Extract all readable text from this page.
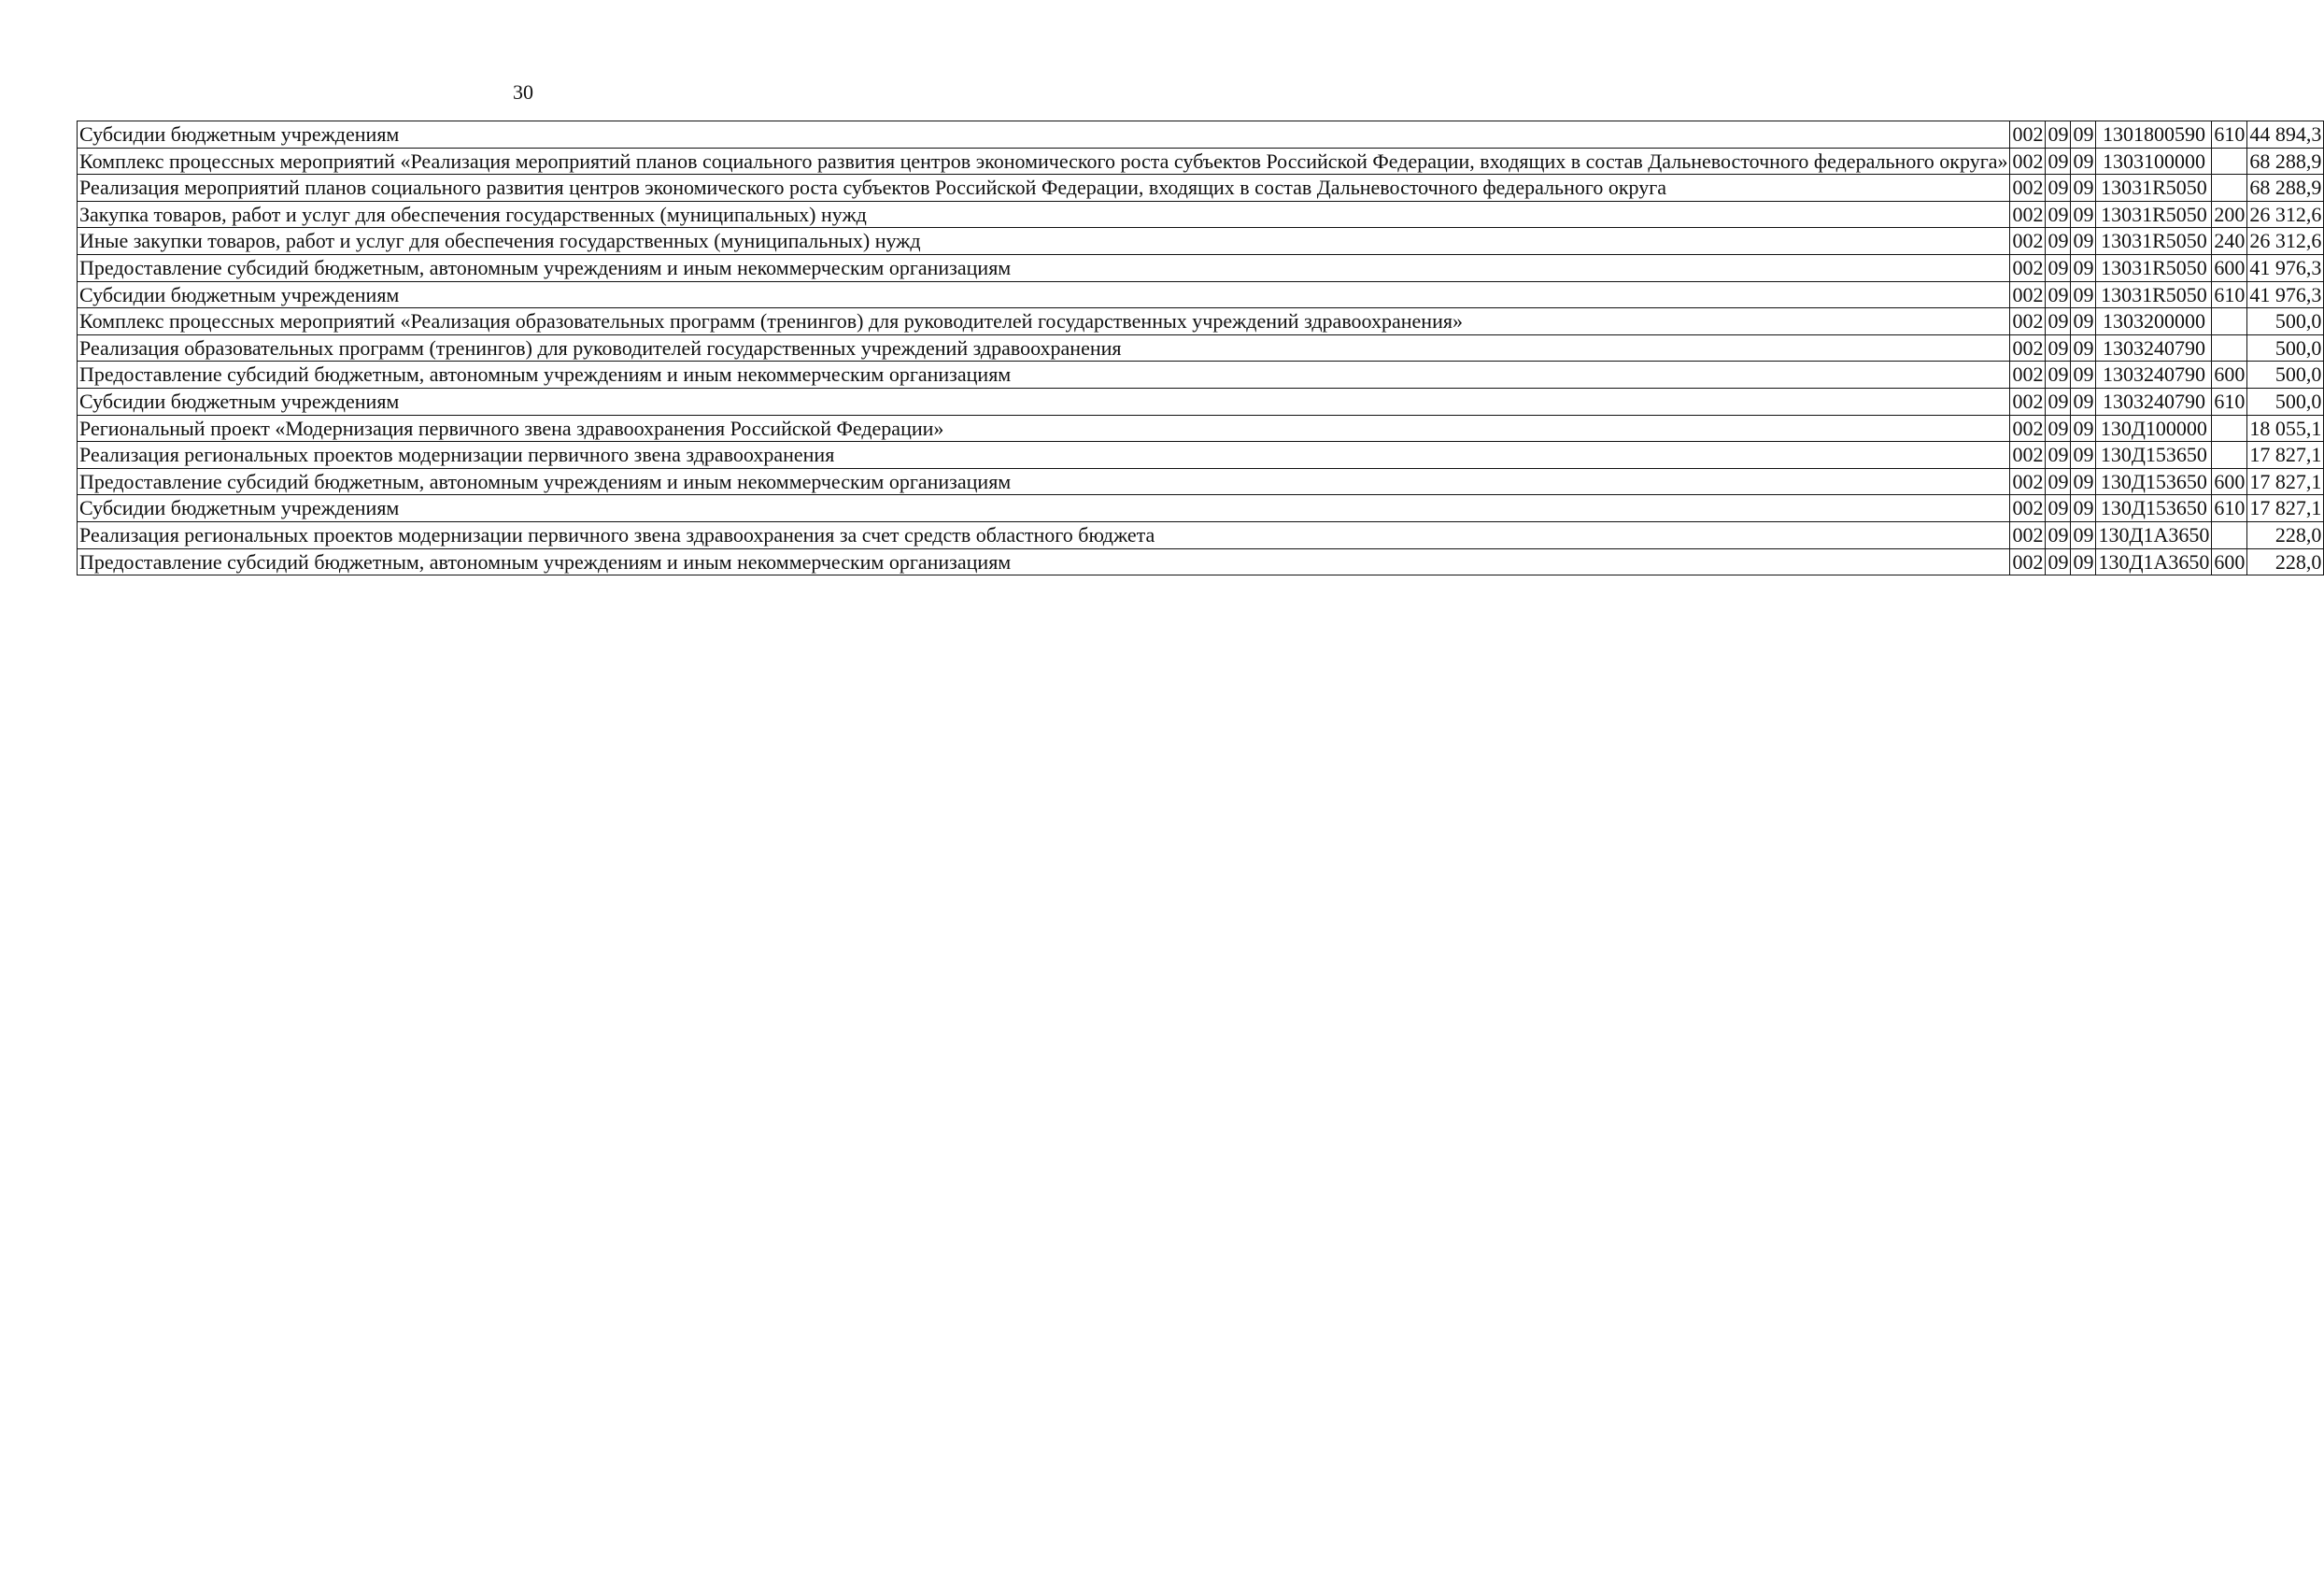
30
Субсидии бюджетным учреждениям	002	09	09	1301800590	610	44 894,3
Комплекс процессных мероприятий «Реализация мероприятий планов социального развития центров экономического роста субъектов Российской Федерации, входящих в состав Дальневосточного федерального округа»	002	09	09	1303100000		68 288,9
Реализация мероприятий планов социального развития центров экономического роста субъектов Российской Федерации, входящих в состав Дальневосточного федерального округа	002	09	09	13031R5050		68 288,9
Закупка товаров, работ и услуг для обеспечения государственных (муниципальных) нужд	002	09	09	13031R5050	200	26 312,6
Иные закупки товаров, работ и услуг для обеспечения государственных (муниципальных) нужд	002	09	09	13031R5050	240	26 312,6
Предоставление субсидий бюджетным, автономным учреждениям и иным некоммерческим организациям	002	09	09	13031R5050	600	41 976,3
Субсидии бюджетным учреждениям	002	09	09	13031R5050	610	41 976,3
Комплекс процессных мероприятий «Реализация образовательных программ (тренингов) для руководителей государственных учреждений здравоохранения»	002	09	09	1303200000		500,0
Реализация образовательных программ (тренингов) для руководителей государственных учреждений здравоохранения	002	09	09	1303240790		500,0
Предоставление субсидий бюджетным, автономным учреждениям и иным некоммерческим организациям	002	09	09	1303240790	600	500,0
Субсидии бюджетным учреждениям	002	09	09	1303240790	610	500,0
Региональный проект «Модернизация первичного звена здравоохранения Российской Федерации»	002	09	09	130Д100000		18 055,1
Реализация региональных проектов модернизации первичного звена здравоохранения	002	09	09	130Д153650		17 827,1
Предоставление субсидий бюджетным, автономным учреждениям и иным некоммерческим организациям	002	09	09	130Д153650	600	17 827,1
Субсидии бюджетным учреждениям	002	09	09	130Д153650	610	17 827,1
Реализация региональных проектов модернизации первичного звена здравоохранения за счет средств областного бюджета	002	09	09	130Д1А3650		228,0
Предоставление субсидий бюджетным, автономным учреждениям и иным некоммерческим организациям	002	09	09	130Д1А3650	600	228,0
